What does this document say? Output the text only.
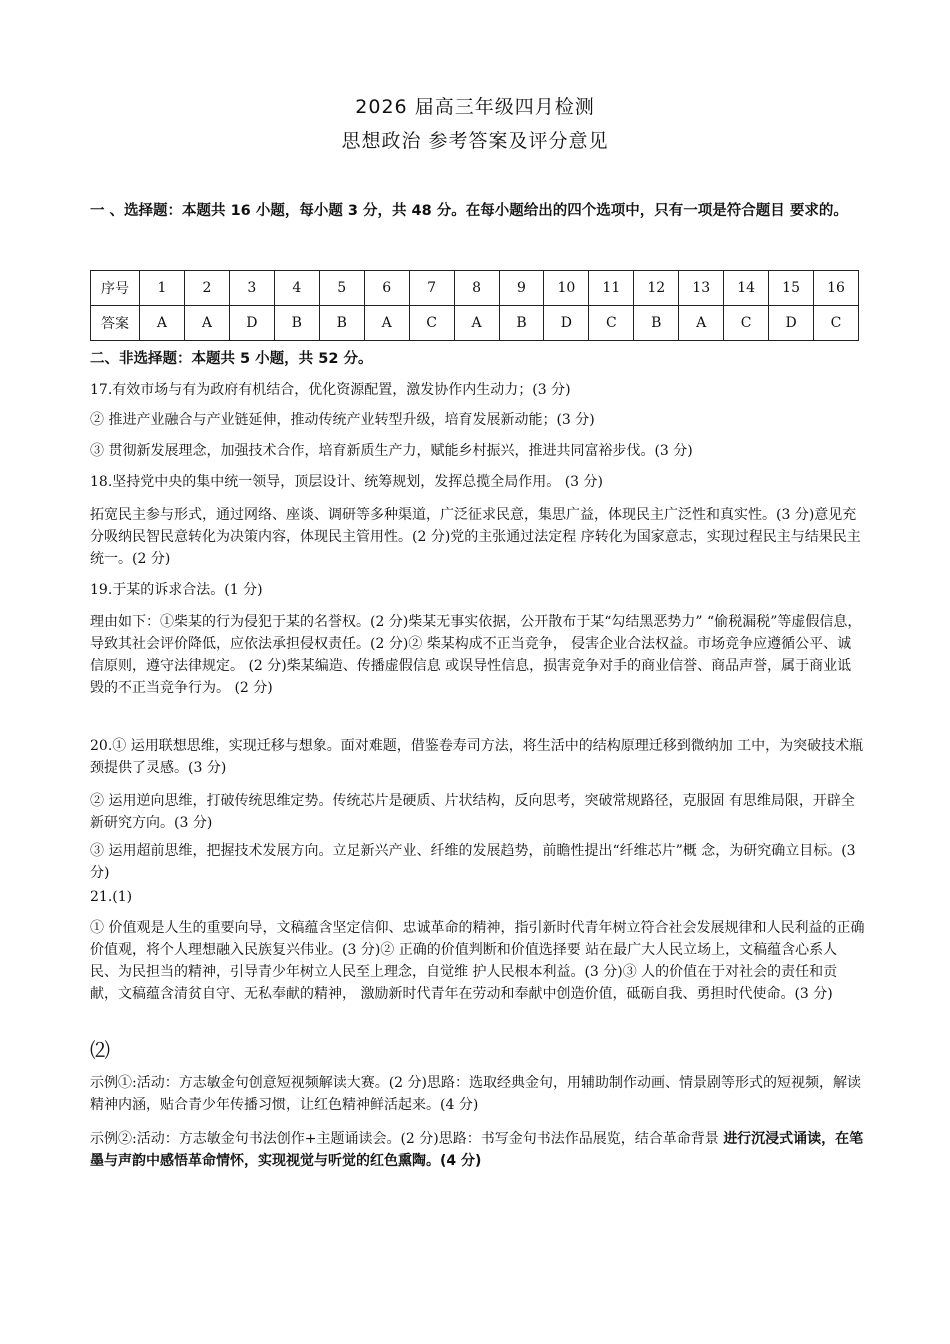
2026 届高三年级四月检测
思想政治 参考答案及评分意见
一 、选择题：本题共 16 小题，每小题 3 分，共 48 分。在每小题给出的四个选项中，只有一项是符合题目 要求的。
序号	1	2	3	4	5	6	7	8	9	10	11	12	13	14	15	16
答案	A	A	D	B	B	A	C	A	B	D	C	B	A	C	D	C
二、非选择题：本题共 5 小题，共 52 分。
17.有效市场与有为政府有机结合，优化资源配置，激发协作内生动力；(3 分)
② 推进产业融合与产业链延伸，推动传统产业转型升级，培育发展新动能；(3 分)
③ 贯彻新发展理念，加强技术合作，培育新质生产力，赋能乡村振兴，推进共同富裕步伐。(3 分)
18.坚持党中央的集中统一领导，顶层设计、统筹规划，发挥总揽全局作用。 (3 分)
拓宽民主参与形式，通过网络、座谈、调研等多种渠道，广泛征求民意，集思广益，体现民主广泛性和真实性。(3 分)意见充分吸纳民智民意转化为决策内容，体现民主管用性。(2 分)党的主张通过法定程 序转化为国家意志，实现过程民主与结果民主统一。(2 分)
19.于某的诉求合法。(1 分)
理由如下：①柴某的行为侵犯于某的名誉权。(2 分)柴某无事实依据，公开散布于某“勾结黑恶势力” “偷税漏税”等虚假信息，导致其社会评价降低，应依法承担侵权责任。(2 分)② 柴某构成不正当竞争， 侵害企业合法权益。市场竞争应遵循公平、诚信原则，遵守法律规定。 (2 分)柴某编造、传播虚假信息 或误导性信息，损害竞争对手的商业信誉、商品声誉，属于商业诋毁的不正当竞争行为。 (2 分)
20.① 运用联想思维，实现迁移与想象。面对难题，借鉴卷寿司方法，将生活中的结构原理迁移到微纳加 工中，为突破技术瓶颈提供了灵感。(3 分)
② 运用逆向思维，打破传统思维定势。传统芯片是硬质、片状结构，反向思考，突破常规路径，克服固 有思维局限，开辟全新研究方向。(3 分)
③ 运用超前思维，把握技术发展方向。立足新兴产业、纤维的发展趋势，前瞻性提出“纤维芯片”概 念，为研究确立目标。(3 分)
21.(1)
① 价值观是人生的重要向导，文稿蕴含坚定信仰、忠诚革命的精神，指引新时代青年树立符合社会发展规律和人民利益的正确价值观，将个人理想融入民族复兴伟业。(3 分)② 正确的价值判断和价值选择要 站在最广大人民立场上，文稿蕴含心系人民、为民担当的精神，引导青少年树立人民至上理念，自觉维 护人民根本利益。(3 分)③ 人的价值在于对社会的责任和贡献，文稿蕴含清贫自守、无私奉献的精神， 激励新时代青年在劳动和奉献中创造价值，砥砺自我、勇担时代使命。(3 分)
⑵
示例①:活动：方志敏金句创意短视频解读大赛。(2 分)思路：选取经典金句，用辅助制作动画、情景剧等形式的短视频，解读精神内涵，贴合青少年传播习惯，让红色精神鲜活起来。(4 分)
示例②:活动：方志敏金句书法创作+主题诵读会。(2 分)思路：书写金句书法作品展览，结合革命背景 进行沉浸式诵读，在笔墨与声韵中感悟革命情怀，实现视觉与听觉的红色熏陶。(4 分)
